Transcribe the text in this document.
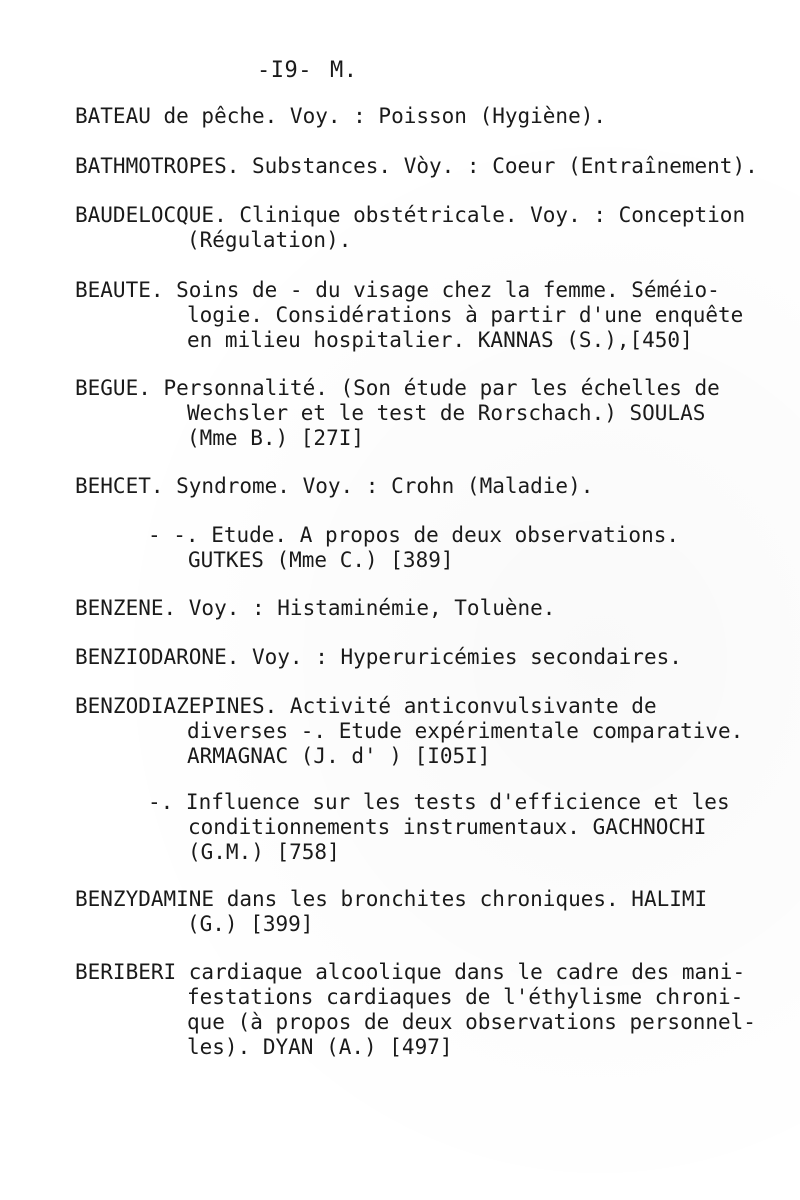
-I9- M.
BATEAU de pêche. Voy. : Poisson (Hygiène).
BATHMOTROPES. Substances. Vòy. : Coeur (Entraînement).
BAUDELOCQUE. Clinique obstétricale. Voy. : Conception
(Régulation).
BEAUTE. Soins de - du visage chez la femme. Séméio-
logie. Considérations à partir d'une enquête
en milieu hospitalier. KANNAS (S.),[450]
BEGUE. Personnalité. (Son étude par les échelles de
Wechsler et le test de Rorschach.) SOULAS
(Mme B.) [27I]
BEHCET. Syndrome. Voy. : Crohn (Maladie).
- -. Etude. A propos de deux observations.
GUTKES (Mme C.) [389]
BENZENE. Voy. : Histaminémie, Toluène.
BENZIODARONE. Voy. : Hyperuricémies secondaires.
BENZODIAZEPINES. Activité anticonvulsivante de
diverses -. Etude expérimentale comparative.
ARMAGNAC (J. d' ) [I05I]
-. Influence sur les tests d'efficience et les
conditionnements instrumentaux. GACHNOCHI
(G.M.) [758]
BENZYDAMINE dans les bronchites chroniques. HALIMI
(G.) [399]
BERIBERI cardiaque alcoolique dans le cadre des mani-
festations cardiaques de l'éthylisme chroni-
que (à propos de deux observations personnel-
les). DYAN (A.) [497]
